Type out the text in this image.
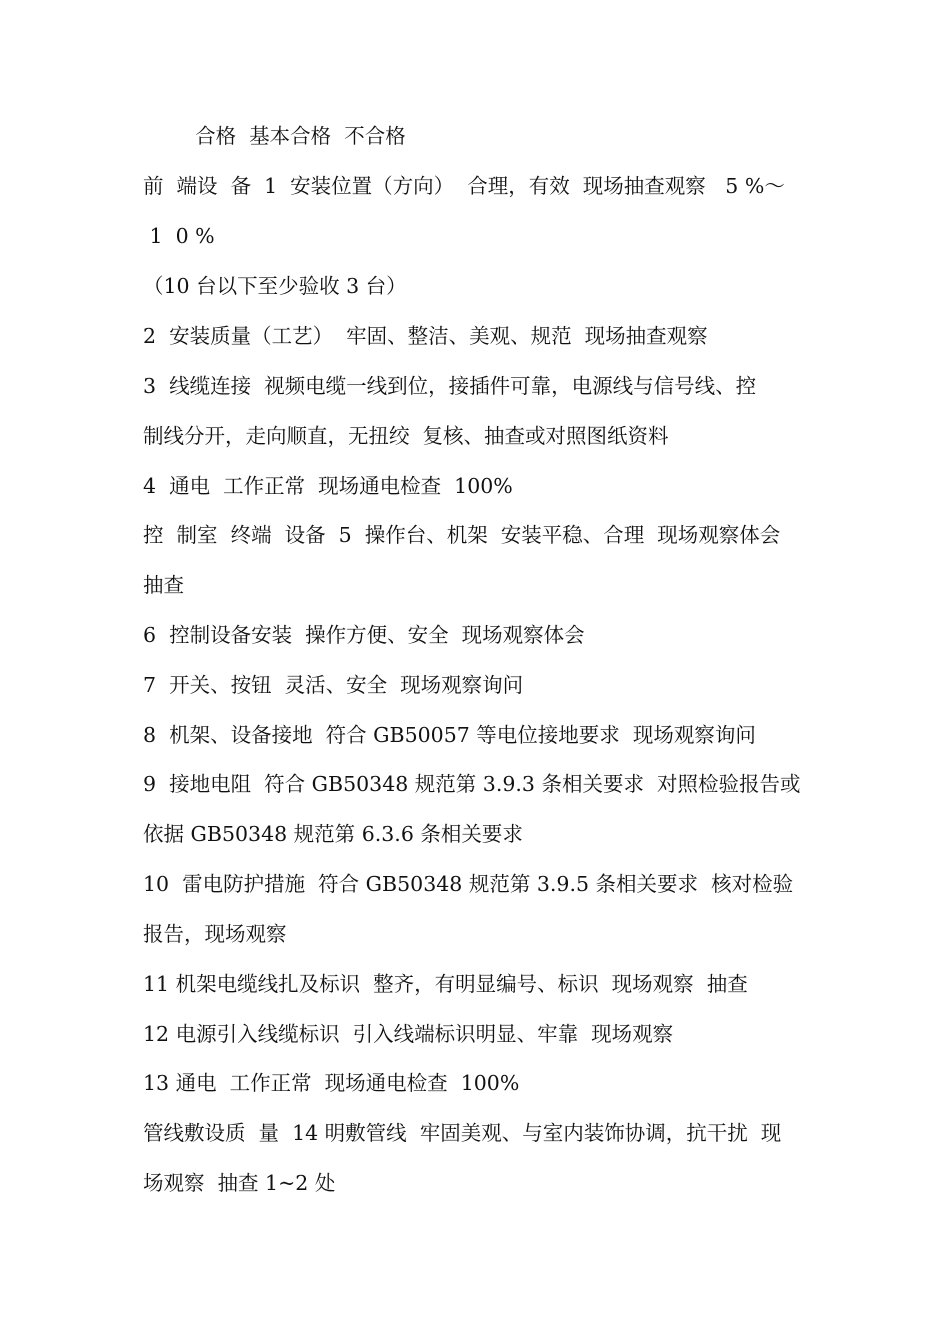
合格  基本合格  不合格
前  端设  备  1  安装位置（方向）  合理，有效  现场抽查观察   5 %～
1  0 %
（10 台以下至少验收 3 台）
2  安装质量（工艺）  牢固、整洁、美观、规范  现场抽查观察
3  线缆连接  视频电缆一线到位，接插件可靠，电源线与信号线、控
制线分开，走向顺直，无扭绞  复核、抽查或对照图纸资料
4  通电  工作正常  现场通电检查  100%
控  制室  终端  设备  5  操作台、机架  安装平稳、合理  现场观察体会
抽查
6  控制设备安装  操作方便、安全  现场观察体会
7  开关、按钮  灵活、安全  现场观察询问
8  机架、设备接地  符合 GB50057 等电位接地要求  现场观察询问
9  接地电阻  符合 GB50348 规范第 3.9.3 条相关要求  对照检验报告或
依据 GB50348 规范第 6.3.6 条相关要求
10  雷电防护措施  符合 GB50348 规范第 3.9.5 条相关要求  核对检验
报告，现场观察
11 机架电缆线扎及标识  整齐，有明显编号、标识  现场观察  抽查
12 电源引入线缆标识  引入线端标识明显、牢靠  现场观察
13 通电  工作正常  现场通电检查  100%
管线敷设质  量  14 明敷管线  牢固美观、与室内装饰协调，抗干扰  现
场观察  抽查 1~2 处
